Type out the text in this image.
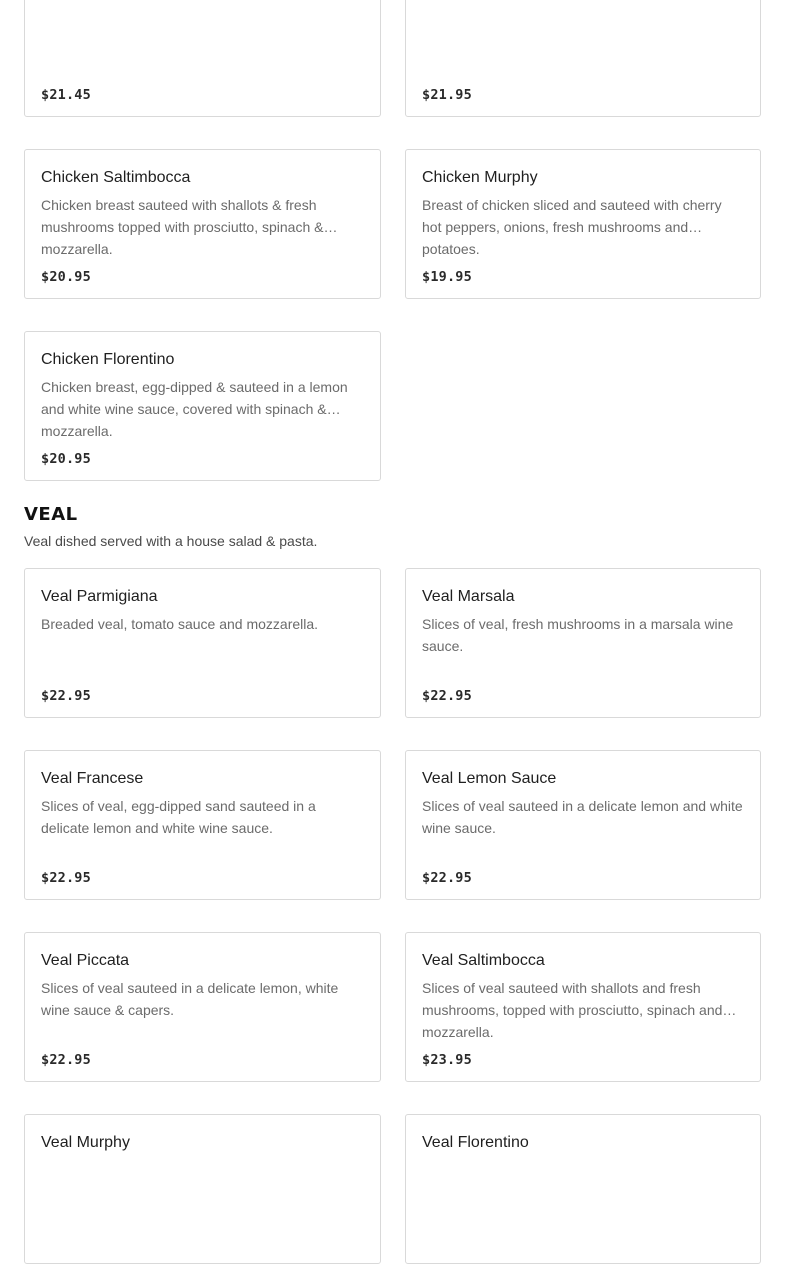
$21.45	$21.95
Chicken Saltimbocca
Chicken breast sauteed with shallots & fresh mushrooms topped with prosciutto, spinach & mozzarella.
$20.95
Chicken Murphy
Breast of chicken sliced and sauteed with cherry hot peppers, onions, fresh mushrooms and potatoes.
$19.95
Chicken Florentino
Chicken breast, egg-dipped & sauteed in a lemon and white wine sauce, covered with spinach & mozzarella.
$20.95
VEAL
Veal dished served with a house salad & pasta.
Veal Parmigiana
Breaded veal, tomato sauce and mozzarella.
$22.95
Veal Marsala
Slices of veal, fresh mushrooms in a marsala wine sauce.
$22.95
Veal Francese
Slices of veal, egg-dipped sand sauteed in a delicate lemon and white wine sauce.
$22.95
Veal Lemon Sauce
Slices of veal sauteed in a delicate lemon and white wine sauce.
$22.95
Veal Piccata
Slices of veal sauteed in a delicate lemon, white wine sauce & capers.
$22.95
Veal Saltimbocca
Slices of veal sauteed with shallots and fresh mushrooms, topped with prosciutto, spinach and mozzarella.
$23.95
Veal Murphy	Veal Florentino
